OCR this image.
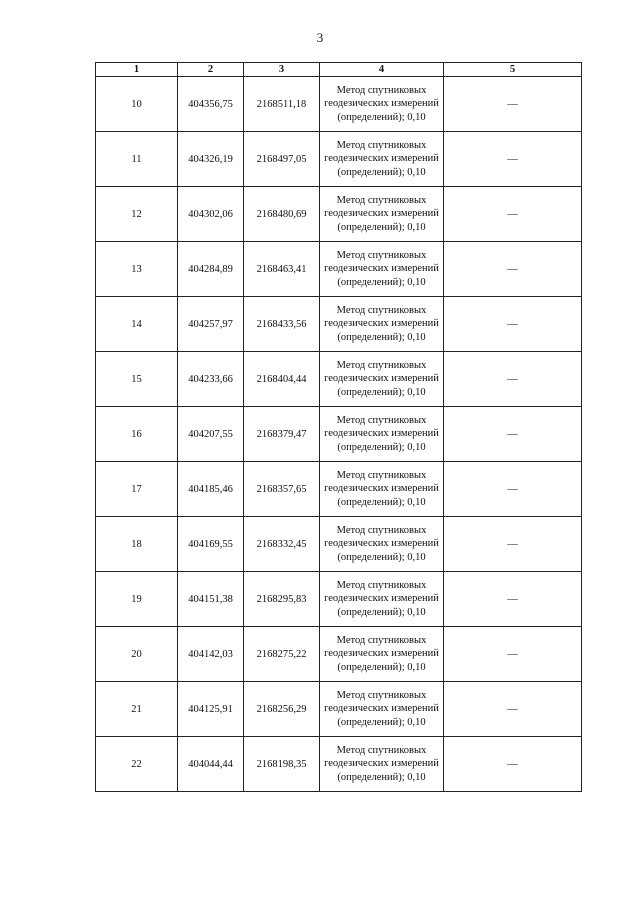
3
1	2	3	4	5
10	404356,75	2168511,18	Метод спутниковых геодезических измерений (определений); 0,10	—
11	404326,19	2168497,05	Метод спутниковых геодезических измерений (определений); 0,10	—
12	404302,06	2168480,69	Метод спутниковых геодезических измерений (определений); 0,10	—
13	404284,89	2168463,41	Метод спутниковых геодезических измерений (определений); 0,10	—
14	404257,97	2168433,56	Метод спутниковых геодезических измерений (определений); 0,10	—
15	404233,66	2168404,44	Метод спутниковых геодезических измерений (определений); 0,10	—
16	404207,55	2168379,47	Метод спутниковых геодезических измерений (определений); 0,10	—
17	404185,46	2168357,65	Метод спутниковых геодезических измерений (определений); 0,10	—
18	404169,55	2168332,45	Метод спутниковых геодезических измерений (определений); 0,10	—
19	404151,38	2168295,83	Метод спутниковых геодезических измерений (определений); 0,10	—
20	404142,03	2168275,22	Метод спутниковых геодезических измерений (определений); 0,10	—
21	404125,91	2168256,29	Метод спутниковых геодезических измерений (определений); 0,10	—
22	404044,44	2168198,35	Метод спутниковых геодезических измерений (определений); 0,10	—
